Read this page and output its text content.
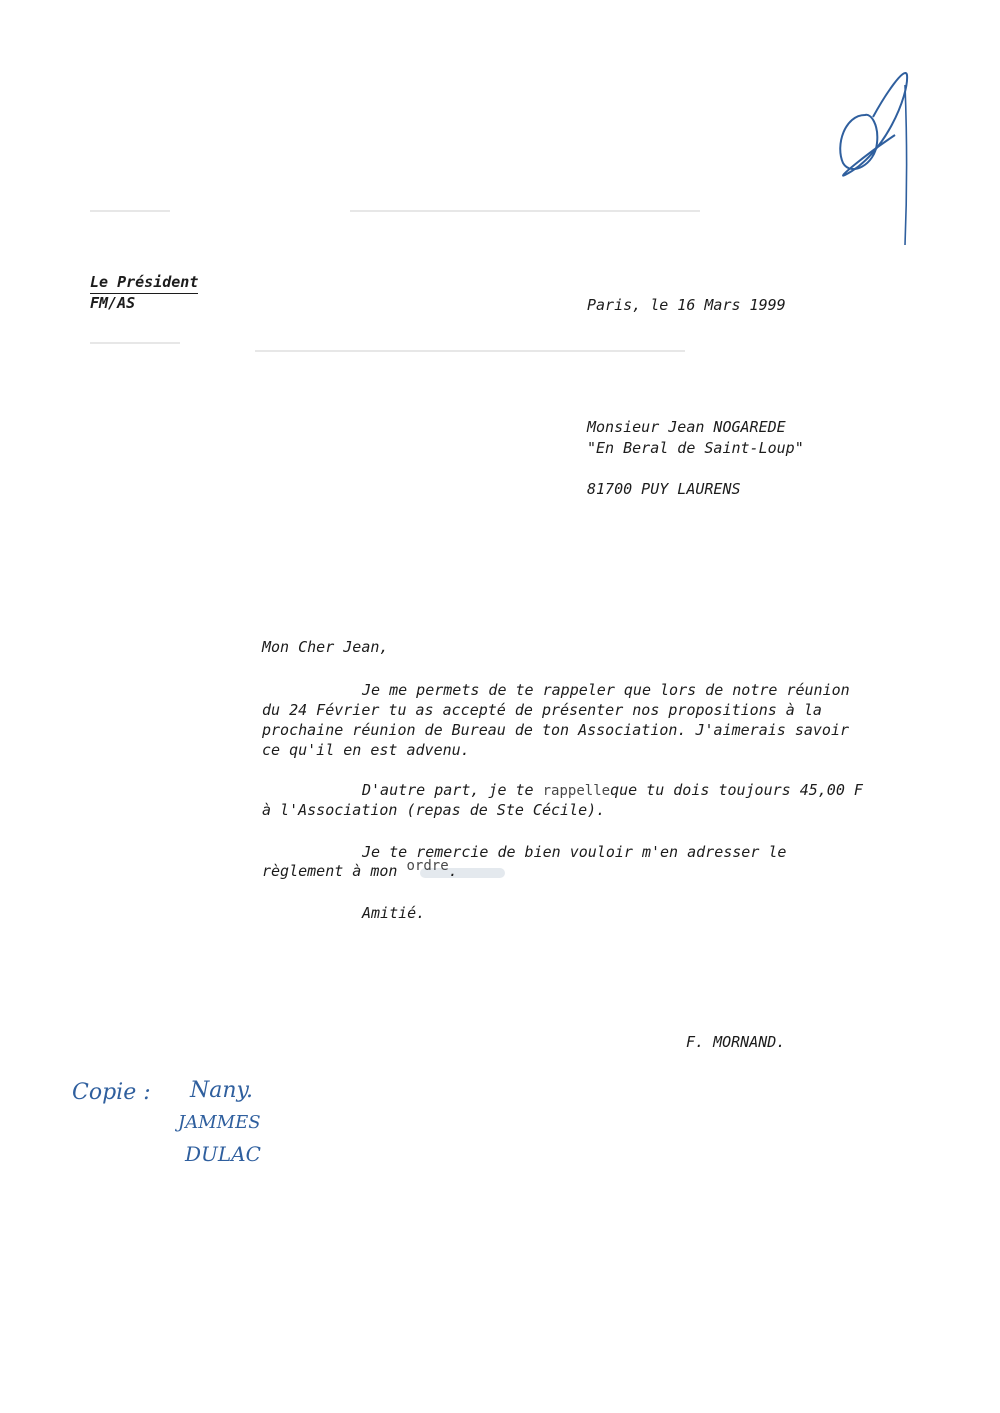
Le Président
FM/AS	Paris, le 16 Mars 1999
Monsieur Jean NOGAREDE
"En Beral de Saint-Loup"
81700 PUY LAURENS
Mon Cher Jean,
Je me permets de te rappeler que lors de notre réunion
du 24 Février tu as accepté de présenter nos propositions à la
prochaine réunion de Bureau de ton Association. J'aimerais savoir
ce qu'il en est advenu.
D'autre part, je te rappelleque tu dois toujours 45,00 F
à l'Association (repas de Ste Cécile).
Je te remercie de bien vouloir m'en adresser le
règlement à mon ordre.
Amitié.
F. MORNAND.
Copie : Nany.
JAMMES
DULAC
